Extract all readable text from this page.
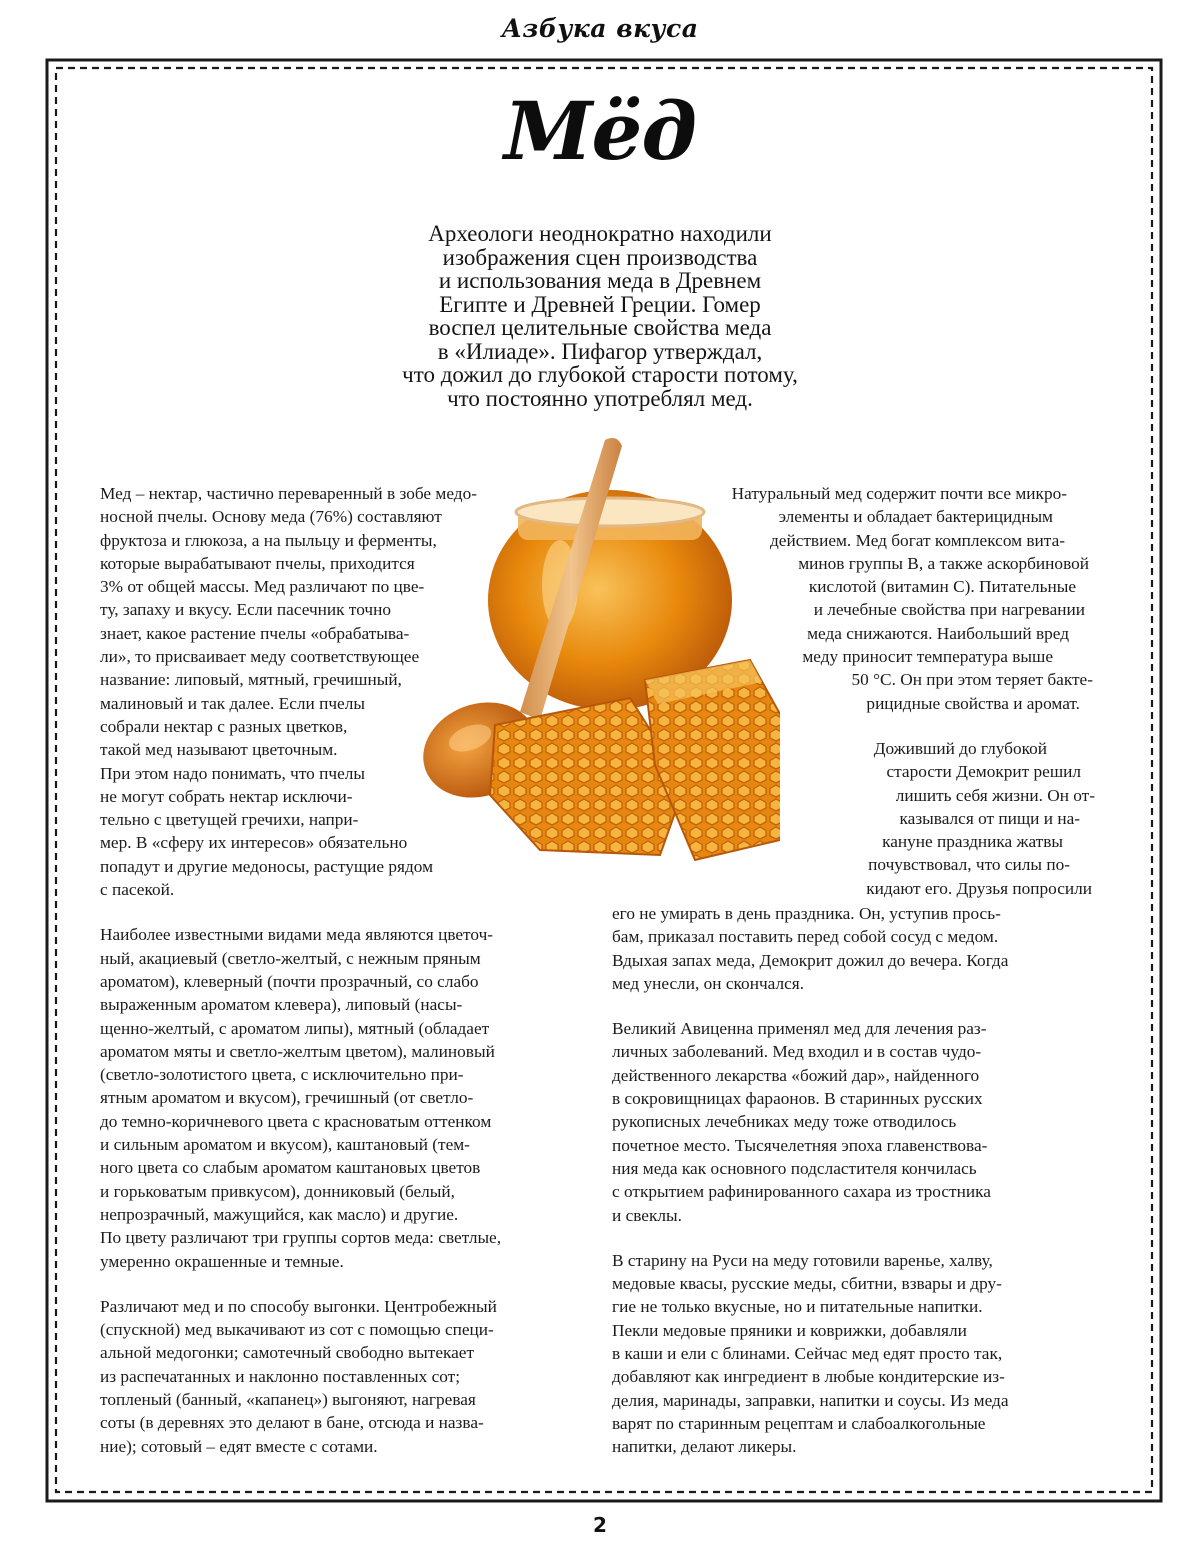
Азбука вкуса
Мёд
Археологи неоднократно находили
изображения сцен производства
и использования меда в Древнем
Египте и Древней Греции. Гомер
воспел целительные свойства меда
в «Илиаде». Пифагор утверждал,
что дожил до глубокой старости потому,
что постоянно употреблял мед.
Мед – нектар, частично переваренный в зобе медо-
носной пчелы. Основу меда (76%) составляют
фруктоза и глюкоза, а на пыльцу и ферменты,
которые вырабатывают пчелы, приходится
3% от общей массы. Мед различают по цве-
ту, запаху и вкусу. Если пасечник точно
знает, какое растение пчелы «обрабатыва-
ли», то присваивает меду соответствующее
название: липовый, мятный, гречишный,
малиновый и так далее. Если пчелы
собрали нектар с разных цветков,
такой мед называют цветочным.
При этом надо понимать, что пчелы
не могут собрать нектар исключи-
тельно с цветущей гречихи, напри-
мер. В «сферу их интересов» обязательно
попадут и другие медоносы, растущие рядом
с пасекой.
Наиболее известными видами меда являются цветоч-
ный, акациевый (светло-желтый, с нежным пряным
ароматом), клеверный (почти прозрачный, со слабо
выраженным ароматом клевера), липовый (насы-
щенно-желтый, с ароматом липы), мятный (обладает
ароматом мяты и светло-желтым цветом), малиновый
(светло-золотистого цвета, с исключительно при-
ятным ароматом и вкусом), гречишный (от светло-
до темно-коричневого цвета с красноватым оттенком
и сильным ароматом и вкусом), каштановый (тем-
ного цвета со слабым ароматом каштановых цветов
и горьковатым привкусом), донниковый (белый,
непрозрачный, мажущийся, как масло) и другие.
По цвету различают три группы сортов меда: светлые,
умеренно окрашенные и темные.
Различают мед и по способу выгонки. Центробежный
(спускной) мед выкачивают из сот с помощью специ-
альной медогонки; самотечный свободно вытекает
из распечатанных и наклонно поставленных сот;
топленый (банный, «капанец») выгоняют, нагревая
соты (в деревнях это делают в бане, отсюда и назва-
ние); сотовый – едят вместе с сотами.
Натуральный мед содержит почти все микро-
элементы и обладает бактерицидным
действием. Мед богат комплексом вита-
минов группы B, а также аскорбиновой
кислотой (витамин C). Питательные
и лечебные свойства при нагревании
меда снижаются. Наибольший вред
меду приносит температура выше
50 °C. Он при этом теряет бакте-
рицидные свойства и аромат.
Доживший до глубокой
старости Демокрит решил
лишить себя жизни. Он от-
казывался от пищи и на-
кануне праздника жатвы
почувствовал, что силы по-
кидают его. Друзья попросили
его не умирать в день праздника. Он, уступив прось-
бам, приказал поставить перед собой сосуд с медом.
Вдыхая запах меда, Демокрит дожил до вечера. Когда
мед унесли, он скончался.
Великий Авиценна применял мед для лечения раз-
личных заболеваний. Мед входил и в состав чудо-
действенного лекарства «божий дар», найденного
в сокровищницах фараонов. В старинных русских
рукописных лечебниках меду тоже отводилось
почетное место. Тысячелетняя эпоха главенствова-
ния меда как основного подсластителя кончилась
с открытием рафинированного сахара из тростника
и свеклы.
В старину на Руси на меду готовили варенье, халву,
медовые квасы, русские меды, сбитни, взвары и дру-
гие не только вкусные, но и питательные напитки.
Пекли медовые пряники и коврижки, добавляли
в каши и ели с блинами. Сейчас мед едят просто так,
добавляют как ингредиент в любые кондитерские из-
делия, маринады, заправки, напитки и соусы. Из меда
варят по старинным рецептам и слабоалкогольные
напитки, делают ликеры.
2
